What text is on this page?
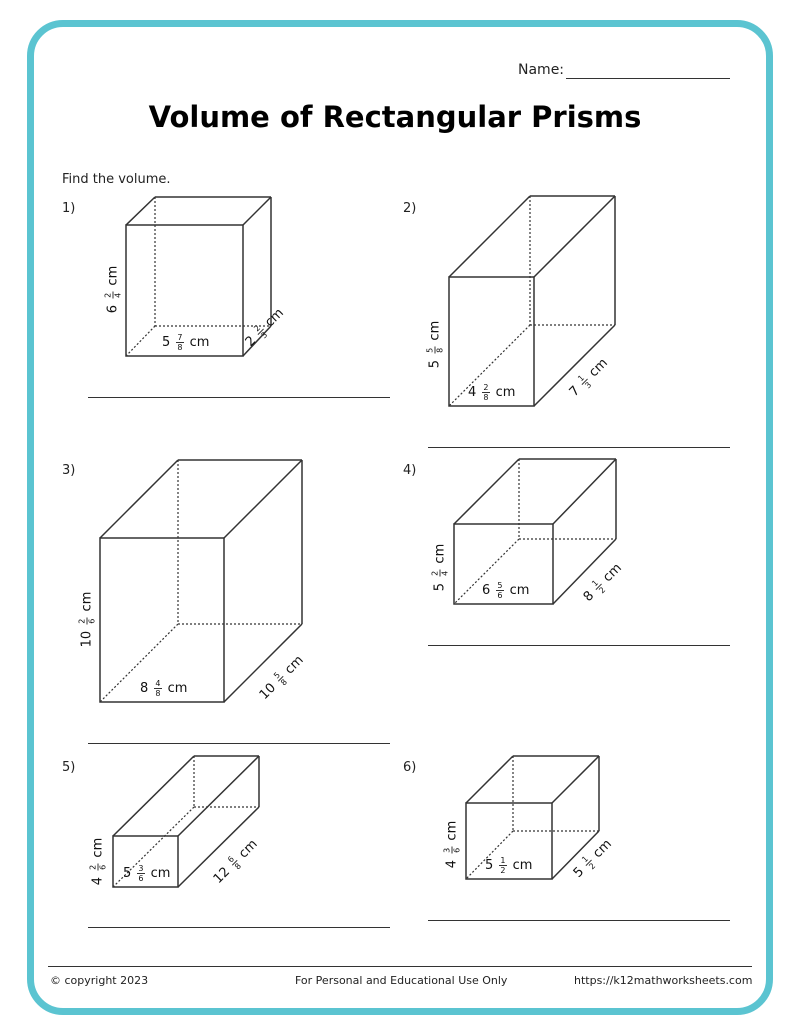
Name:
Volume of Rectangular Prisms
Find the volume.
1)
$5 \frac{7}{8}$ cm
6 2
4 cm
2 2
3 cm
2)
$4 \frac{2}{8}$ cm
5 5
8 cm
7 1
3 cm
3)
$8 \frac{4}{8}$ cm
10 2
6 cm
10 5
8 cm
4)
$6 \frac{5}{6}$ cm
5 2
4 cm
8 1
2 cm
5)
$5 \frac{3}{6}$ cm
4 2
6 cm
12 6
8 cm
6)
$5 \frac{1}{2}$ cm
4 3
6 cm
5 1
2 cm
© copyright 2023	For Personal and Educational Use Only	https://k12mathworksheets.com
